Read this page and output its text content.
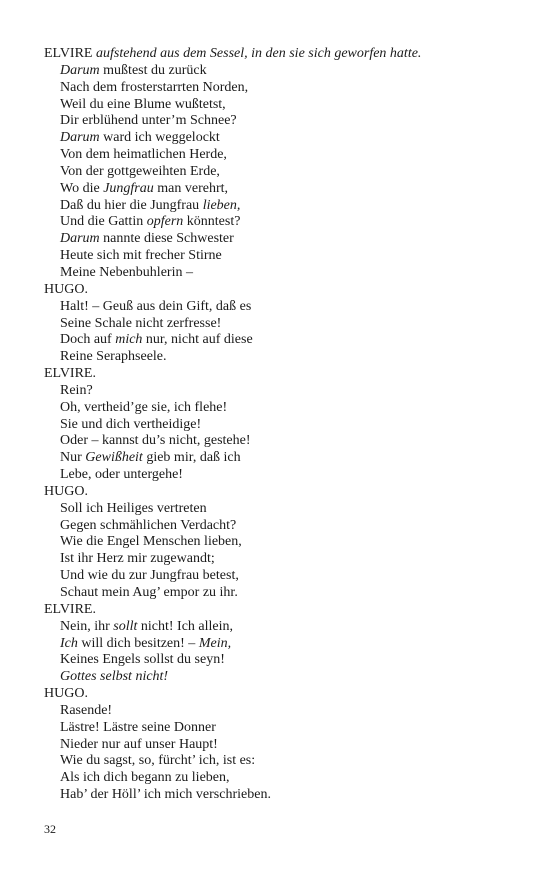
ELVIRE aufstehend aus dem Sessel, in den sie sich geworfen hatte.
Darum mußtest du zurück
Nach dem frosterstarrten Norden,
Weil du eine Blume wußtetst,
Dir erblühend unter’m Schnee?
Darum ward ich weggelockt
Von dem heimatlichen Herde,
Von der gottgeweihten Erde,
Wo die Jungfrau man verehrt,
Daß du hier die Jungfrau lieben,
Und die Gattin opfern könntest?
Darum nannte diese Schwester
Heute sich mit frecher Stirne
Meine Nebenbuhlerin –
HUGO.
Halt! – Geuß aus dein Gift, daß es
Seine Schale nicht zerfresse!
Doch auf mich nur, nicht auf diese
Reine Seraphseele.
ELVIRE.
Rein?
Oh, vertheid’ge sie, ich flehe!
Sie und dich vertheidige!
Oder – kannst du’s nicht, gestehe!
Nur Gewißheit gieb mir, daß ich
Lebe, oder untergehe!
HUGO.
Soll ich Heiliges vertreten
Gegen schmählichen Verdacht?
Wie die Engel Menschen lieben,
Ist ihr Herz mir zugewandt;
Und wie du zur Jungfrau betest,
Schaut mein Aug’ empor zu ihr.
ELVIRE.
Nein, ihr sollt nicht! Ich allein,
Ich will dich besitzen! – Mein,
Keines Engels sollst du seyn!
Gottes selbst nicht!
HUGO.
Rasende!
Lästre! Lästre seine Donner
Nieder nur auf unser Haupt!
Wie du sagst, so, fürcht’ ich, ist es:
Als ich dich begann zu lieben,
Hab’ der Höll’ ich mich verschrieben.
32
